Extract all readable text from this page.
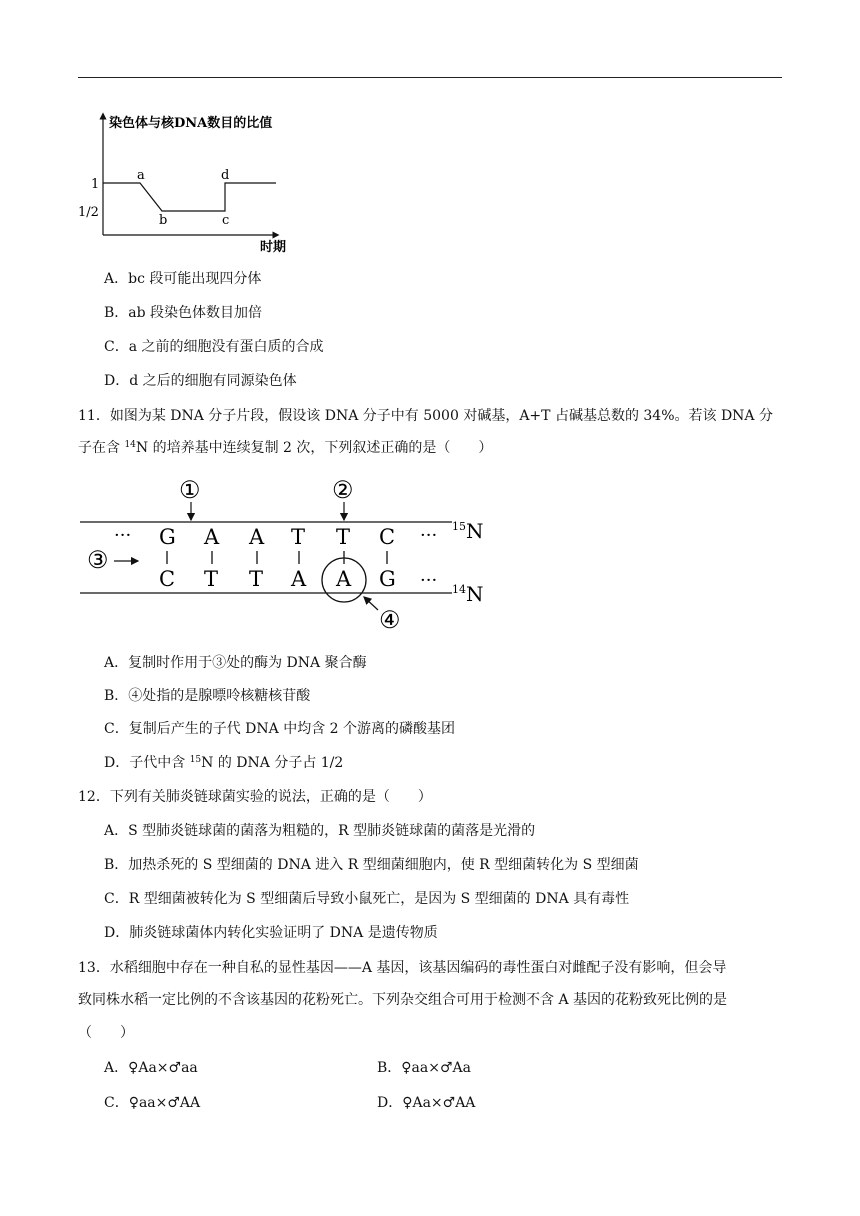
染色体与核DNA数目的比值
时期
1
1/2
a
b	c
d
A．bc 段可能出现四分体
B．ab 段染色体数目加倍
C．a 之前的细胞没有蛋白质的合成
D．d 之后的细胞有同源染色体
11．如图为某 DNA 分子片段，假设该 DNA 分子中有 5000 对碱基，A+T 占碱基总数的 34%。若该 DNA 分
子在含 $^{14}$N 的培养基中连续复制 2 次，下列叙述正确的是（　　）
$^{15}$N
$^{14}$N
①	②
③
···	···
···
G A A T T C
C T T A A G
④
A．复制时作用于③处的酶为 DNA 聚合酶
B．④处指的是腺嘌呤核糖核苷酸
C．复制后产生的子代 DNA 中均含 2 个游离的磷酸基团
D．子代中含 $^{15}$N 的 DNA 分子占 1/2
12．下列有关肺炎链球菌实验的说法，正确的是（　　）
A．S 型肺炎链球菌的菌落为粗糙的，R 型肺炎链球菌的菌落是光滑的
B．加热杀死的 S 型细菌的 DNA 进入 R 型细菌细胞内，使 R 型细菌转化为 S 型细菌
C．R 型细菌被转化为 S 型细菌后导致小鼠死亡，是因为 S 型细菌的 DNA 具有毒性
D．肺炎链球菌体内转化实验证明了 DNA 是遗传物质
13．水稻细胞中存在一种自私的显性基因——A 基因，该基因编码的毒性蛋白对雌配子没有影响，但会导
致同株水稻一定比例的不含该基因的花粉死亡。下列杂交组合可用于检测不含 A 基因的花粉致死比例的是
（　　）
A．♀Aa×♂aa	B．♀aa×♂Aa
C．♀aa×♂AA	D．♀Aa×♂AA
